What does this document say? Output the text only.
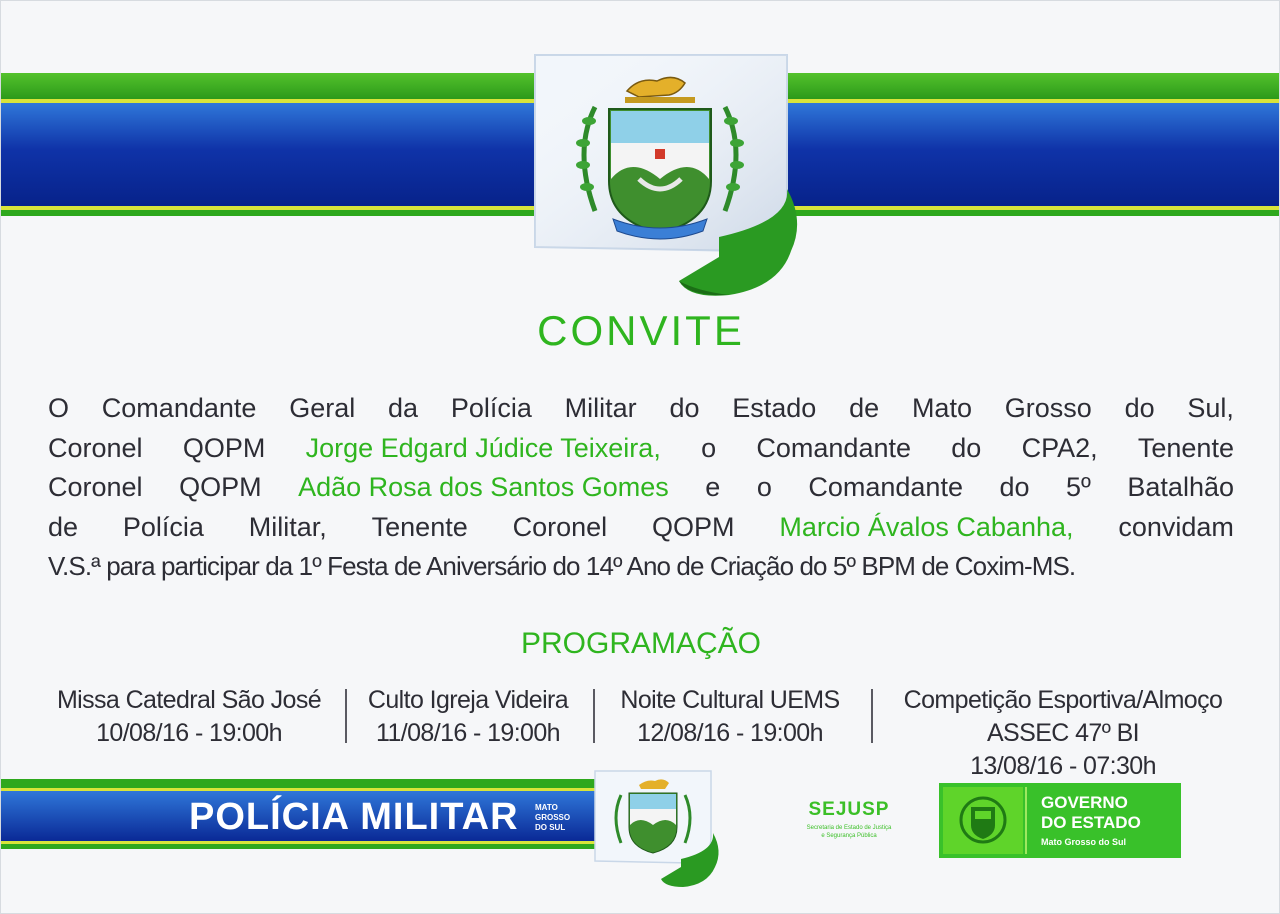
CONVITE
O Comandante Geral da Polícia Militar do Estado de Mato Grosso do Sul,
Coronel QOPM Jorge Edgard Júdice Teixeira, o Comandante do CPA2, Tenente
Coronel QOPM Adão Rosa dos Santos Gomes e o Comandante do 5º Batalhão
de Polícia Militar, Tenente Coronel QOPM Marcio Ávalos Cabanha, convidam
V.S.ª para participar da 1º Festa de Aniversário do 14º Ano de Criação do 5º BPM de Coxim-MS.
PROGRAMAÇÃO
Missa Catedral São José
10/08/16 - 19:00h
Culto Igreja Videira
11/08/16 - 19:00h
Noite Cultural UEMS
12/08/16 - 19:00h
Competição Esportiva/Almoço
ASSEC 47º BI
13/08/16 - 07:30h
POLÍCIA MILITAR MATO
GROSSO
DO SUL
SEJUSP
Secretaria de Estado de Justiça
e Segurança Pública
GOVERNO
DO ESTADO
Mato Grosso do Sul
